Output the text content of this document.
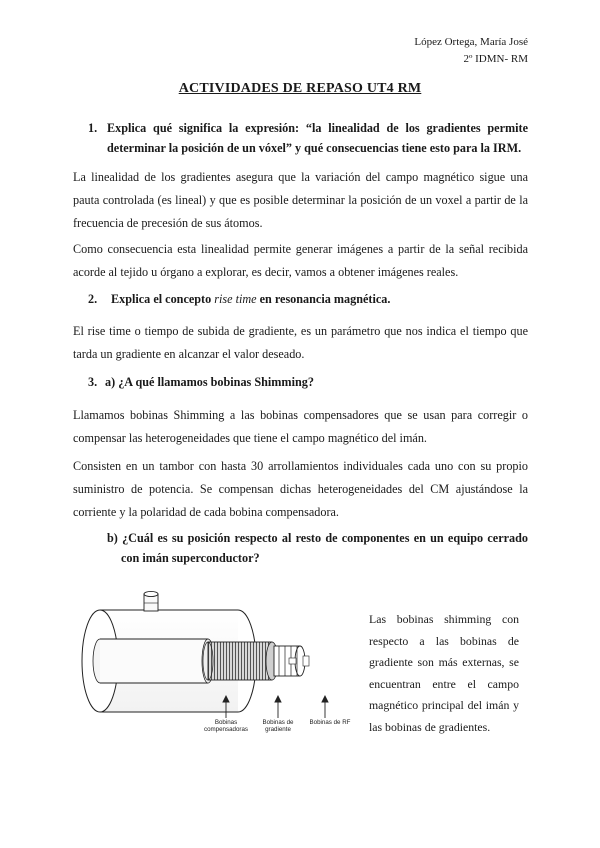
López Ortega, María José
2º IDMN- RM
ACTIVIDADES DE REPASO UT4 RM
1. Explica qué significa la expresión: “la linealidad de los gradientes permite
determinar la posición de un vóxel” y qué consecuencias tiene esto para la IRM.
La linealidad de los gradientes asegura que la variación del campo magnético sigue una pauta controlada (es lineal) y que es posible determinar la posición de un voxel a partir de la frecuencia de precesión de sus átomos.
Como consecuencia esta linealidad permite generar imágenes a partir de la señal recibida acorde al tejido u órgano a explorar, es decir, vamos a obtener imágenes reales.
2. Explica el concepto rise time en resonancia magnética.
El rise time o tiempo de subida de gradiente, es un parámetro que nos indica el tiempo que tarda un gradiente en alcanzar el valor deseado.
3. a) ¿A qué llamamos bobinas Shimming?
Llamamos bobinas Shimming a las bobinas compensadores que se usan para corregir o compensar las heterogeneidades que tiene el campo magnético del imán.
Consisten en un tambor con hasta 30 arrollamientos individuales cada uno con su propio suministro de potencia. Se compensan dichas heterogeneidades del CM ajustándose la corriente y la polaridad de cada bobina compensadora.
b) ¿Cuál es su posición respecto al resto de componentes en un equipo cerrado
con imán superconductor?
Bobinas
compensadoras
Bobinas de
gradiente
Bobinas de RF
Las bobinas shimming con respecto a las bobinas de gradiente son más externas, se encuentran entre el campo magnético principal del imán y las bobinas de gradientes.
